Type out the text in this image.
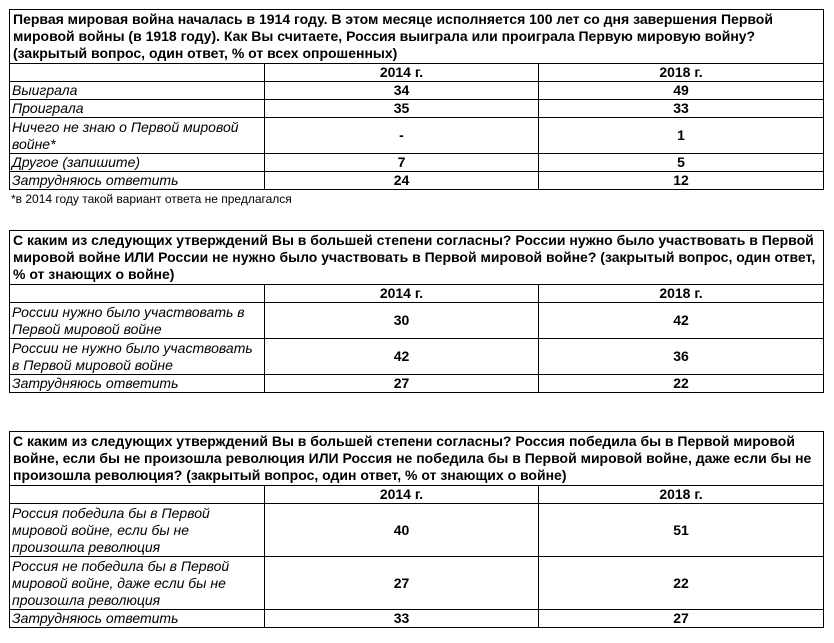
Первая мировая война началась в 1914 году. В этом месяце исполняется 100 лет со дня завершения Первой мировой войны (в 1918 году). Как Вы считаете, Россия выиграла или проиграла Первую мировую войну? (закрытый вопрос, один ответ, % от всех опрошенных)		
	2014 г.	2018 г.
Выиграла	34	49
Проиграла	35	33
Ничего не знаю о Первой мировой войне*	-	1
Другое (запишите)	7	5
Затрудняюсь ответить	24	12
*в 2014 году такой вариант ответа не предлагался
С каким из следующих утверждений Вы в большей степени согласны? России нужно было участвовать в Первой мировой войне ИЛИ России не нужно было участвовать в Первой мировой войне? (закрытый вопрос, один ответ, % от знающих о войне)		
	2014 г.	2018 г.
России нужно было участвовать в Первой мировой войне	30	42
России не нужно было участвовать в Первой мировой войне	42	36
Затрудняюсь ответить	27	22
С каким из следующих утверждений Вы в большей степени согласны? Россия победила бы в Первой мировой войне, если бы не произошла революция ИЛИ Россия не победила бы в Первой мировой войне, даже если бы не произошла революция? (закрытый вопрос, один ответ, % от знающих о войне)		
	2014 г.	2018 г.
Россия победила бы в Первой мировой войне, если бы не произошла революция	40	51
Россия не победила бы в Первой мировой войне, даже если бы не произошла революция	27	22
Затрудняюсь ответить	33	27
